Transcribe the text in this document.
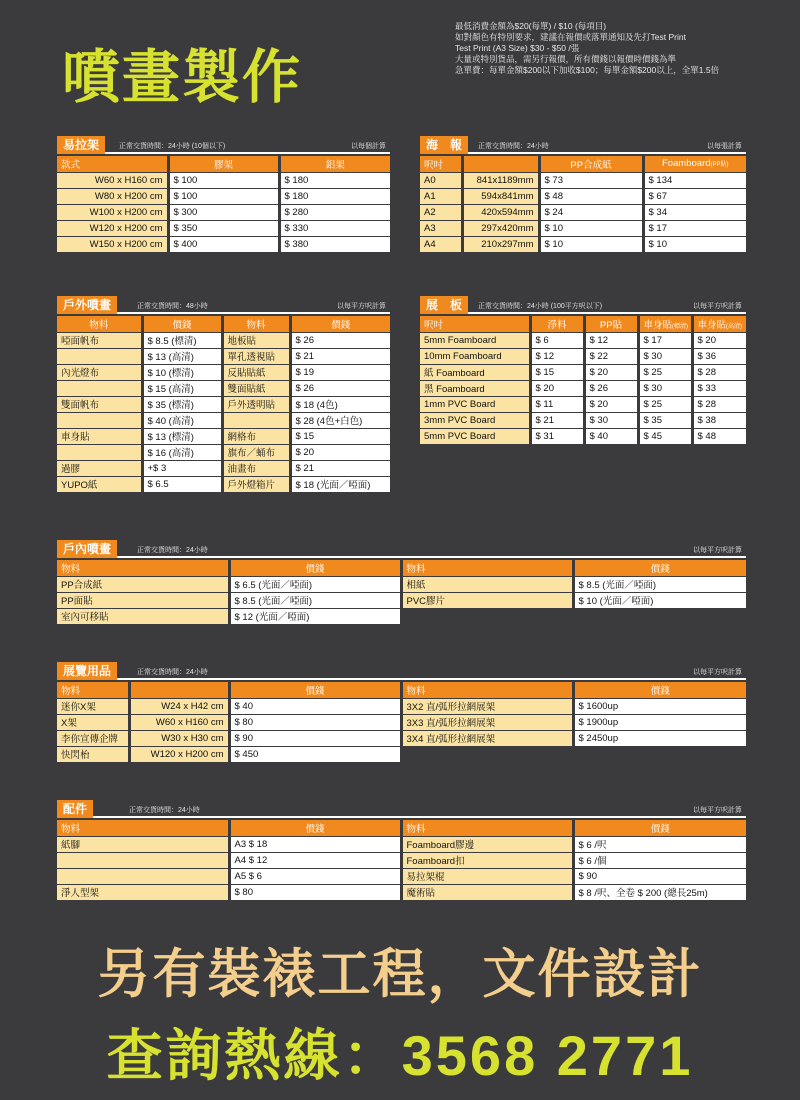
噴畫製作
最低消費金額為$20(每單) / $10 (每項目)
如對顏色有特別要求，建議在報價或落單通知及先打Test Print
Test Print (A3 Size) $30 - $50 /張
大量或特別貨品，需另行報價，所有價錢以報價時價錢為準
急單費：每單金額$200以下加收$100；每單金額$200以上，全單1.5倍
易拉架	正常交貨時間：24小時 (10個以下)	以每個計算
款式	膠架	鋁架
W60 x H160 cm	$ 100	$ 180
W80 x H200 cm	$ 100	$ 180
W100 x H200 cm	$ 300	$ 280
W120 x H200 cm	$ 350	$ 330
W150 x H200 cm	$ 400	$ 380
海　報	正常交貨時間：24小時	以每張計算
呎吋		PP合成紙	Foamboard(PP貼)
A0	841x1189mm	$ 73	$ 134
A1	594x841mm	$ 48	$ 67
A2	420x594mm	$ 24	$ 34
A3	297x420mm	$ 10	$ 17
A4	210x297mm	$ 10	$ 10
戶外噴畫	正常交貨時間：48小時	以每平方呎計算
物料	價錢	物料	價錢
啞面帆布	$ 8.5 (標清)	地板貼	$ 26
	$ 13 (高清)	單孔透視貼	$ 21
內光燈布	$ 10 (標清)	反貼貼紙	$ 19
	$ 15 (高清)	雙面貼紙	$ 26
雙面帆布	$ 35 (標清)	戶外透明貼	$ 18 (4色)
	$ 40 (高清)		$ 28 (4色+白色)
車身貼	$ 13 (標清)	網格布	$ 15
	$ 16 (高清)	旗布／蛹布	$ 20
過膠	+$ 3	油畫布	$ 21
YUPO紙	$ 6.5	戶外燈箱片	$ 18 (光面／啞面)
展　板	正常交貨時間：24小時 (100平方呎以下)	以每平方呎計算
呎吋	淨料	PP貼	車身貼(標清)	車身貼(高清)
5mm Foamboard	$ 6	$ 12	$ 17	$ 20
10mm Foamboard	$ 12	$ 22	$ 30	$ 36
紙 Foamboard	$ 15	$ 20	$ 25	$ 28
黑 Foamboard	$ 20	$ 26	$ 30	$ 33
1mm PVC Board	$ 11	$ 20	$ 25	$ 28
3mm PVC Board	$ 21	$ 30	$ 35	$ 38
5mm PVC Board	$ 31	$ 40	$ 45	$ 48
戶內噴畫	正常交貨時間：24小時	以每平方呎計算
物料	價錢	物料	價錢
PP合成紙	$ 6.5 (光面／啞面)	相紙	$ 8.5 (光面／啞面)
PP面貼	$ 8.5 (光面／啞面)	PVC膠片	$ 10 (光面／啞面)
室內可移貼	$ 12 (光面／啞面)		
展覽用品	正常交貨時間：24小時	以每平方呎計算
物料		價錢	物料	價錢
迷你X架	W24 x H42 cm	$ 40	3X2 直/弧形拉網展架	$ 1600up
X架	W60 x H160 cm	$ 80	3X3 直/弧形拉網展架	$ 1900up
李你宣傳企牌	W30 x H30 cm	$ 90	3X4 直/弧形拉網展架	$ 2450up
快閃枱	W120 x H200 cm	$ 450		
配件	正常交貨時間：24小時	以每平方呎計算
物料	價錢	物料	價錢
紙腳	A3 $ 18	Foamboard膠邊	$ 6 /呎
	A4 $ 12	Foamboard扣	$ 6 /個
	A5 $ 6	易拉架棍	$ 90
淨人型架	$ 80	魔術貼	$ 8 /呎、全卷 $ 200 (總長25m)
另有裝裱工程，文件設計
查詢熱線：3568 2771
